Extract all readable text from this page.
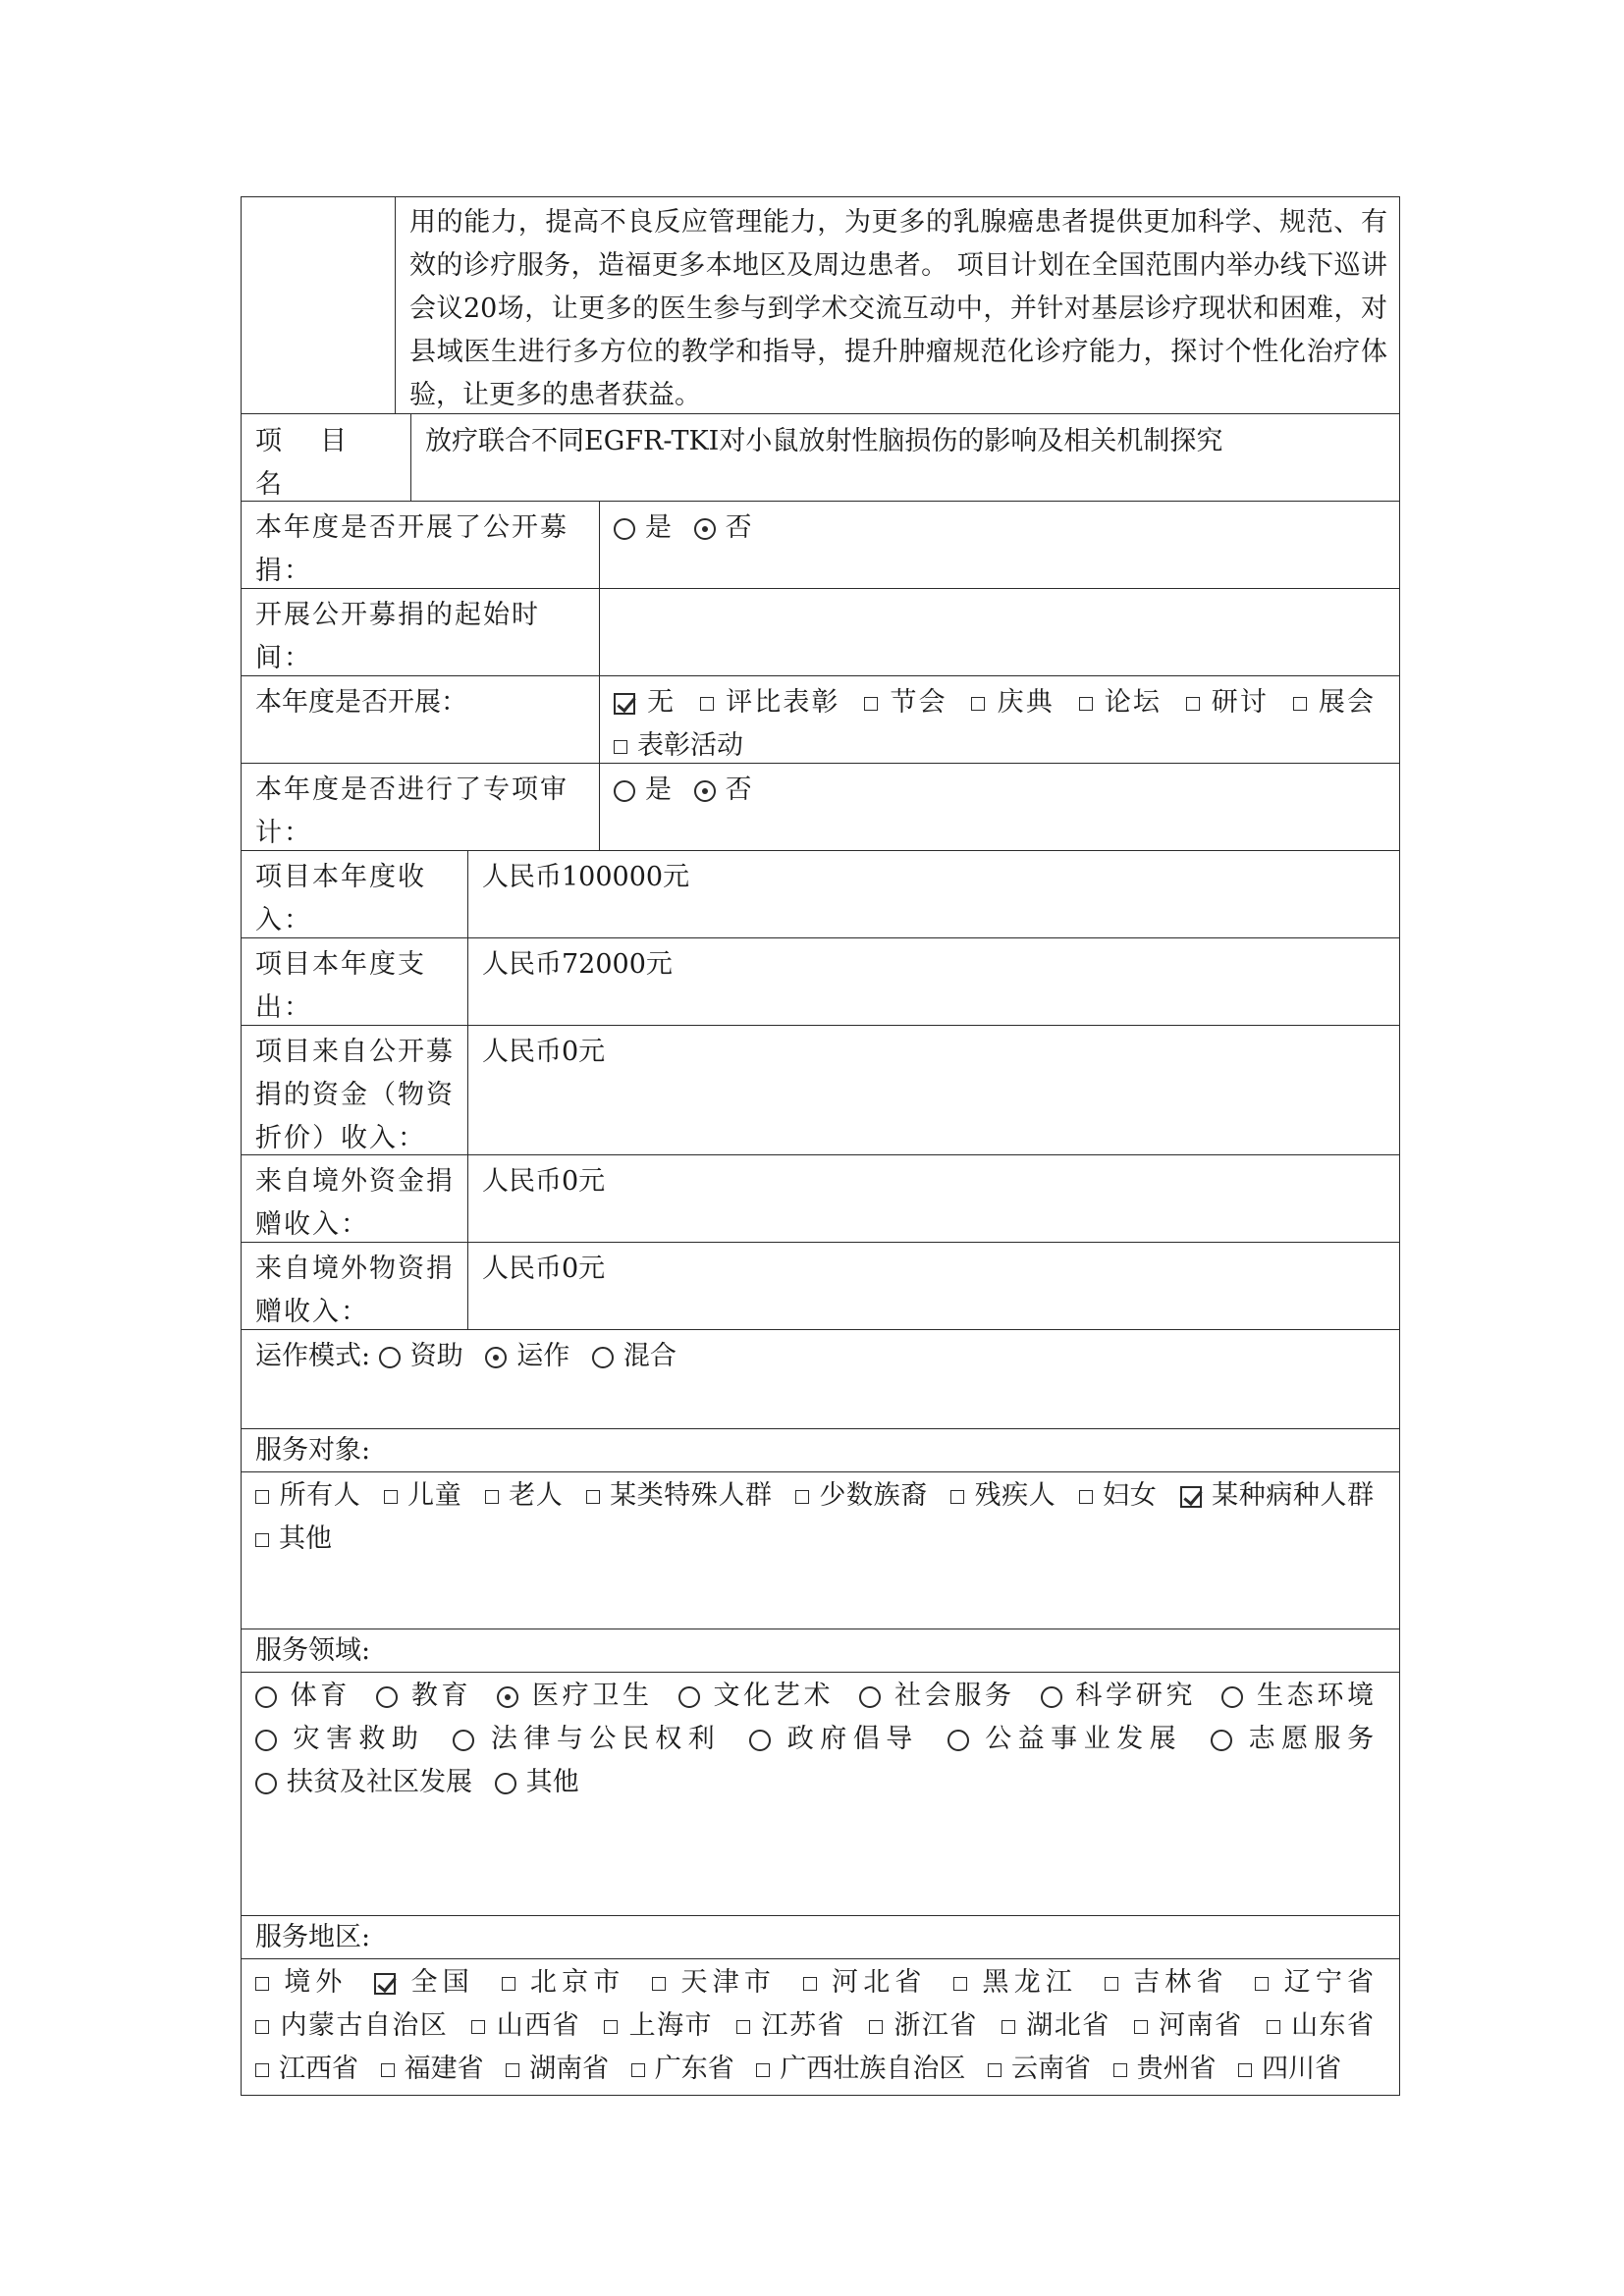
用的能力，提高不良反应管理能力，为更多的乳腺癌患者提供更加科学、规范、有效的诊疗服务，造福更多本地区及周边患者。 项目计划在全国范围内举办线下巡讲会议20场，让更多的医生参与到学术交流互动中，并针对基层诊疗现状和困难，对县域医生进行多方位的教学和指导，提升肿瘤规范化诊疗能力，探讨个性化治疗体验，让更多的患者获益。
项　目　名　　
放疗联合不同EGFR-TKI对小鼠放射性脑损伤的影响及相关机制探究
本年度是否开展了公开募捐：
是 否
开展公开募捐的起始时间：
本年度是否开展：	无 评比表彰 节会 庆典 论坛 研讨 展会 表彰活动
本年度是否进行了专项审计：
是 否
项目本年度收入：
人民币100000元
项目本年度支出：
人民币72000元
项目来自公开募捐的资金（物资折价）收入：
人民币0元
来自境外资金捐赠收入：
人民币0元
来自境外物资捐赠收入：
人民币0元
运作模式: 资助 运作 混合
服务对象:
所有人 儿童 老人 某类特殊人群 少数族裔 残疾人 妇女 某种病种人群 其他
服务领域:
体育 教育 医疗卫生 文化艺术 社会服务 科学研究 生态环境 灾害救助 法律与公民权利 政府倡导 公益事业发展 志愿服务 扶贫及社区发展 其他
服务地区:
境外 全国 北京市 天津市 河北省 黑龙江 吉林省 辽宁省 内蒙古自治区 山西省 上海市 江苏省 浙江省 湖北省 河南省 山东省 江西省 福建省 湖南省 广东省 广西壮族自治区 云南省 贵州省 四川省
